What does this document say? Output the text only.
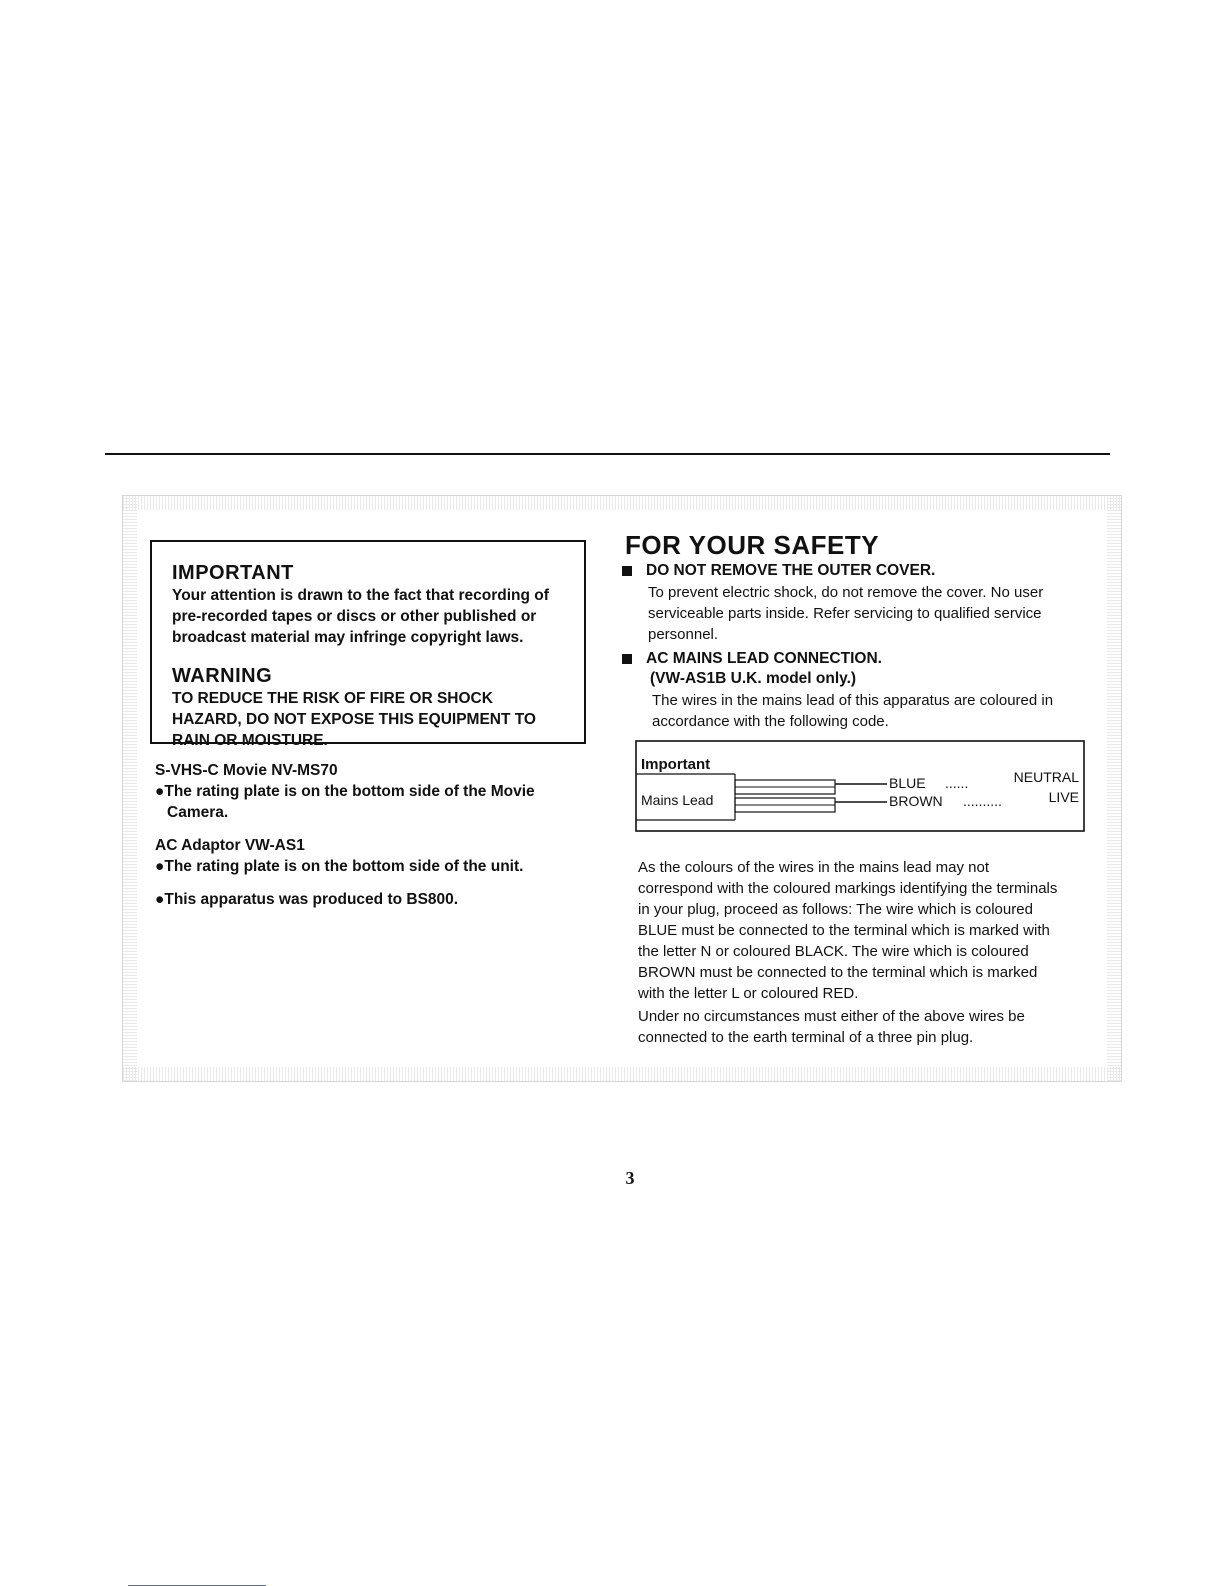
IMPORTANT
Your attention is drawn to the fact that recording of
pre-recorded tapes or discs or other published or
broadcast material may infringe copyright laws.
WARNING
TO REDUCE THE RISK OF FIRE OR SHOCK
HAZARD, DO NOT EXPOSE THIS EQUIPMENT TO
RAIN OR MOISTURE.

S-VHS-C Movie NV-MS70

●The rating plate is on the bottom side of the Movie

Camera.

AC Adaptor VW-AS1

●The rating plate is on the bottom side of the unit.

●This apparatus was produced to BS800.

FOR YOUR SAFETY
DO NOT REMOVE THE OUTER COVER.
To prevent electric shock, do not remove the cover. No user
serviceable parts inside. Refer servicing to qualified service
personnel.
AC MAINS LEAD CONNECTION.
(VW-AS1B U.K. model only.)
The wires in the mains lead of this apparatus are coloured in
accordance with the following code.
Important
Mains Lead
BLUE ......	NEUTRAL
BROWN ..........	LIVE

As the colours of the wires in the mains lead may not
correspond with the coloured markings identifying the terminals
in your plug, proceed as follows: The wire which is coloured
BLUE must be connected to the terminal which is marked with
the letter N or coloured BLACK. The wire which is coloured
BROWN must be connected to the terminal which is marked
with the letter L or coloured RED.

Under no circumstances must either of the above wires be
connected to the earth terminal of a three pin plug.

3
